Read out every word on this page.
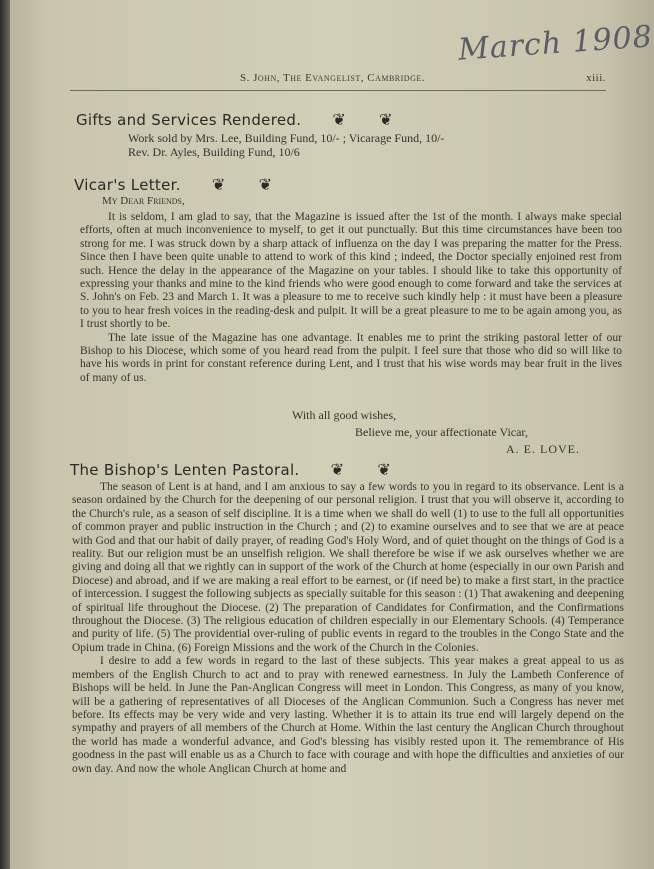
March 1908
S. John, The Evangelist, Cambridge.	xiii.
Gifts and Services Rendered. ❦ ❦
Work sold by Mrs. Lee, Building Fund, 10/- ; Vicarage Fund, 10/-
Rev. Dr. Ayles, Building Fund, 10/6
Vicar's Letter. ❦ ❦
My Dear Friends,

It is seldom, I am glad to say, that the Magazine is issued after the 1st of the month. I always make special efforts, often at much inconvenience to myself, to get it out punctually. But this time circumstances have been too strong for me. I was struck down by a sharp attack of influenza on the day I was preparing the matter for the Press. Since then I have been quite unable to attend to work of this kind ; indeed, the Doctor specially enjoined rest from such. Hence the delay in the appearance of the Magazine on your tables. I should like to take this opportunity of expressing your thanks and mine to the kind friends who were good enough to come forward and take the services at S. John's on Feb. 23 and March 1. It was a pleasure to me to receive such kindly help : it must have been a pleasure to you to hear fresh voices in the reading-desk and pulpit. It will be a great pleasure to me to be again among you, as I trust shortly to be.

The late issue of the Magazine has one advantage. It enables me to print the striking pastoral letter of our Bishop to his Diocese, which some of you heard read from the pulpit. I feel sure that those who did so will like to have his words in print for constant reference during Lent, and I trust that his wise words may bear fruit in the lives of many of us.

With all good wishes,
Believe me, your affectionate Vicar,
A. E. LOVE.
The Bishop's Lenten Pastoral. ❦ ❦

The season of Lent is at hand, and I am anxious to say a few words to you in regard to its observance. Lent is a season ordained by the Church for the deepening of our personal religion. I trust that you will observe it, according to the Church's rule, as a season of self discipline. It is a time when we shall do well (1) to use to the full all opportunities of common prayer and public instruction in the Church ; and (2) to examine ourselves and to see that we are at peace with God and that our habit of daily prayer, of reading God's Holy Word, and of quiet thought on the things of God is a reality. But our religion must be an unselfish religion. We shall therefore be wise if we ask ourselves whether we are giving and doing all that we rightly can in support of the work of the Church at home (especially in our own Parish and Diocese) and abroad, and if we are making a real effort to be earnest, or (if need be) to make a first start, in the practice of intercession. I suggest the following subjects as specially suitable for this season : (1) That awakening and deepening of spiritual life throughout the Diocese. (2) The preparation of Candidates for Confirmation, and the Confirmations throughout the Diocese. (3) The religious education of children especially in our Elementary Schools. (4) Temperance and purity of life. (5) The providential over-ruling of public events in regard to the troubles in the Congo State and the Opium trade in China. (6) Foreign Missions and the work of the Church in the Colonies.

I desire to add a few words in regard to the last of these subjects. This year makes a great appeal to us as members of the English Church to act and to pray with renewed earnestness. In July the Lambeth Conference of Bishops will be held. In June the Pan-Anglican Congress will meet in London. This Congress, as many of you know, will be a gathering of representatives of all Dioceses of the Anglican Communion. Such a Congress has never met before. Its effects may be very wide and very lasting. Whether it is to attain its true end will largely depend on the sympathy and prayers of all members of the Church at Home. Within the last century the Anglican Church throughout the world has made a wonderful advance, and God's blessing has visibly rested upon it. The remembrance of His goodness in the past will enable us as a Church to face with courage and with hope the difficulties and anxieties of our own day. And now the whole Anglican Church at home and
